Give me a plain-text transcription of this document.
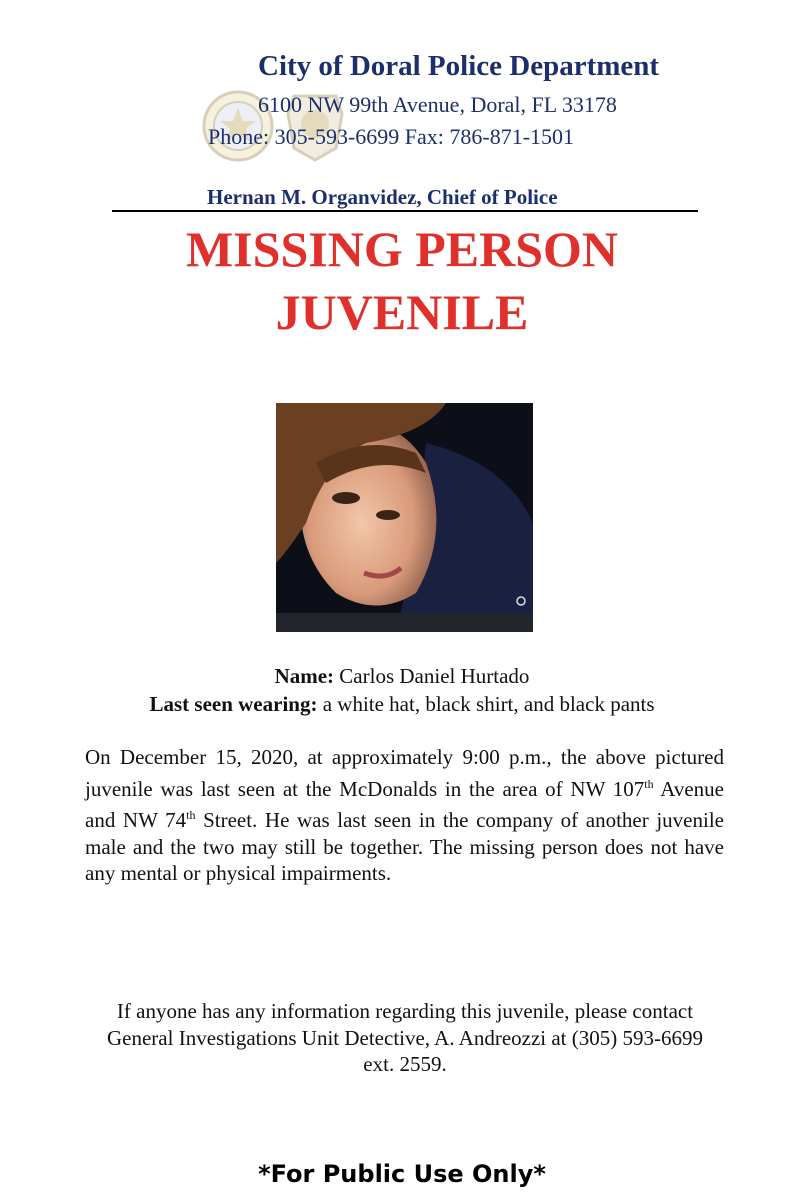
City of Doral Police Department
6100 NW 99th Avenue, Doral, FL 33178
Phone: 305-593-6699 Fax: 786-871-1501
Hernan M. Organvidez, Chief of Police
MISSING PERSON
JUVENILE
Name: Carlos Daniel Hurtado
Last seen wearing: a white hat, black shirt, and black pants
On December 15, 2020, at approximately 9:00 p.m., the above pictured juvenile was last seen at the McDonalds in the area of NW 107th Avenue and NW 74th Street. He was last seen in the company of another juvenile male and the two may still be together. The missing person does not have any mental or physical impairments.
If anyone has any information regarding this juvenile, please contact
General Investigations Unit Detective, A. Andreozzi at (305) 593-6699 ext. 2559.
*For Public Use Only*
